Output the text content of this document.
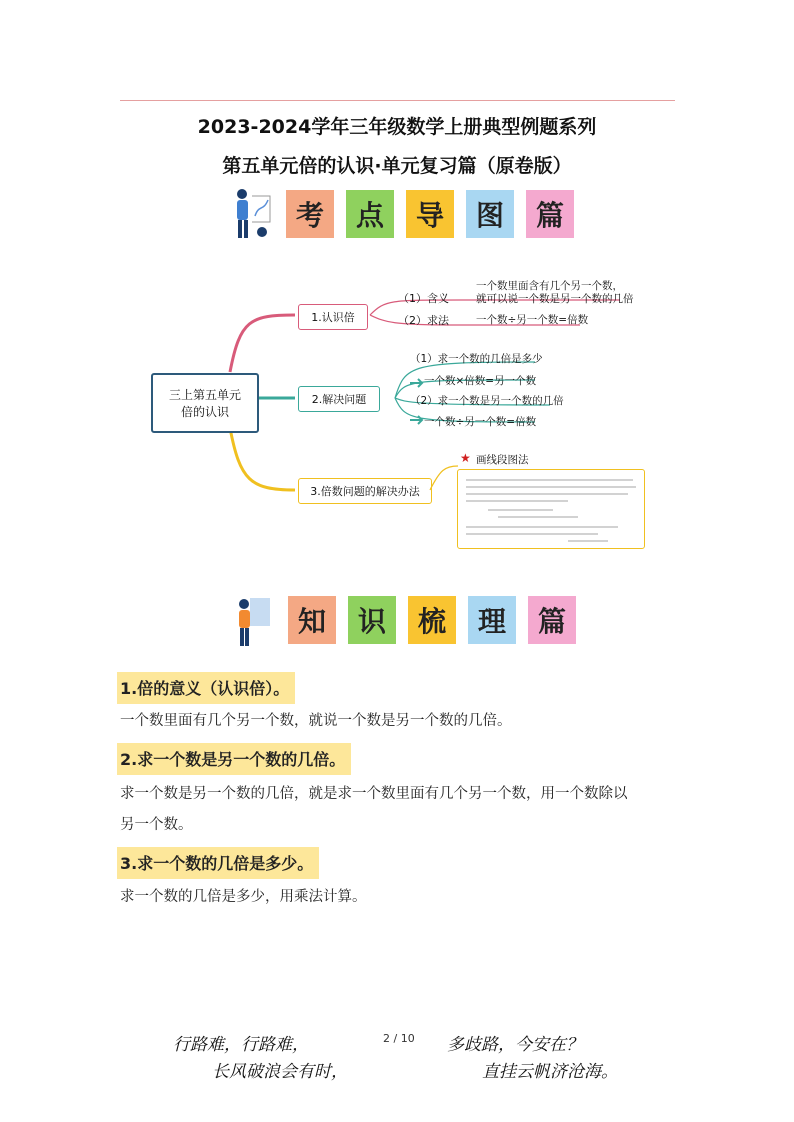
2023-2024学年三年级数学上册典型例题系列
第五单元倍的认识·单元复习篇（原卷版）
考	点	导	图	篇
三上第五单元
倍的认识
1.认识倍
2.解决问题
3.倍数问题的解决办法
（1）含义
一个数里面含有几个另一个数，
就可以说一个数是另一个数的几倍
（2）求法	一个数÷另一个数=倍数
（1）求一个数的几倍是多少
一个数×倍数=另一个数
（2）求一个数是另一个数的几倍
一个数÷另一个数=倍数
★ 画线段图法
知	识	梳	理	篇
1.倍的意义（认识倍）。
一个数里面有几个另一个数，就说一个数是另一个数的几倍。
2.求一个数是另一个数的几倍。
求一个数是另一个数的几倍，就是求一个数里面有几个另一个数，用一个数除以
另一个数。
3.求一个数的几倍是多少。
求一个数的几倍是多少，用乘法计算。
2 / 10
行路难，行路难，	多歧路，今安在？
长风破浪会有时，	直挂云帆济沧海。
